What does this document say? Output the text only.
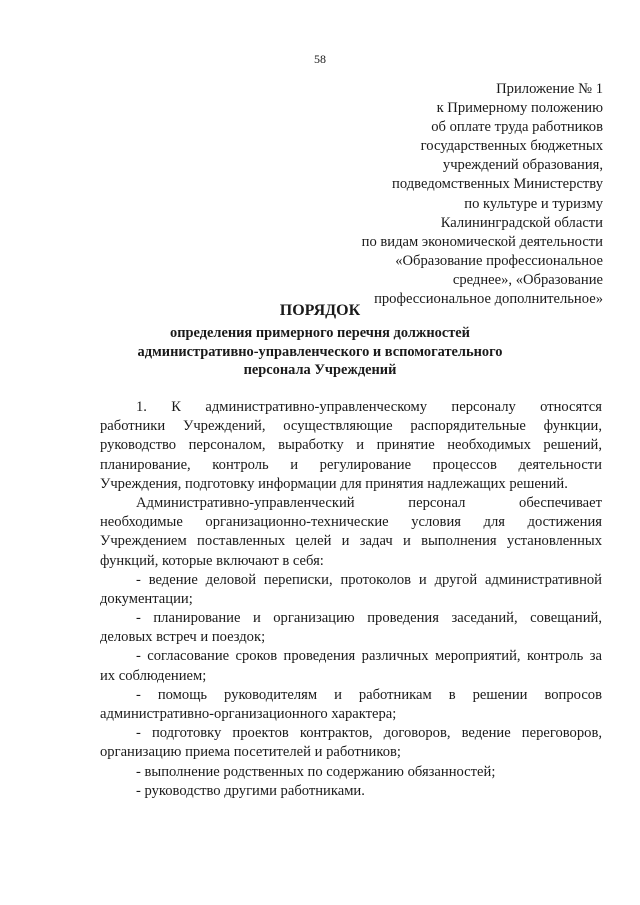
58
Приложение № 1
к Примерному положению
об оплате труда работников
государственных бюджетных
учреждений образования,
подведомственных Министерству
по культуре и туризму
Калининградской области
по видам экономической деятельности
«Образование профессиональное
среднее», «Образование
профессиональное дополнительное»
ПОРЯДОК
определения примерного перечня должностей
административно-управленческого и вспомогательного
персонала Учреждений
1. К административно-управленческому персоналу относятся
работники Учреждений, осуществляющие распорядительные функции,
руководство персоналом, выработку и принятие необходимых решений,
планирование, контроль и регулирование процессов деятельности
Учреждения, подготовку информации для принятия надлежащих решений.
Административно-управленческий персонал обеспечивает
необходимые организационно-технические условия для достижения
Учреждением поставленных целей и задач и выполнения установленных
функций, которые включают в себя:
- ведение деловой переписки, протоколов и другой административной
документации;
- планирование и организацию проведения заседаний, совещаний,
деловых встреч и поездок;
- согласование сроков проведения различных мероприятий, контроль за
их соблюдением;
- помощь руководителям и работникам в решении вопросов
административно-организационного характера;
- подготовку проектов контрактов, договоров, ведение переговоров,
организацию приема посетителей и работников;
- выполнение родственных по содержанию обязанностей;
- руководство другими работниками.
